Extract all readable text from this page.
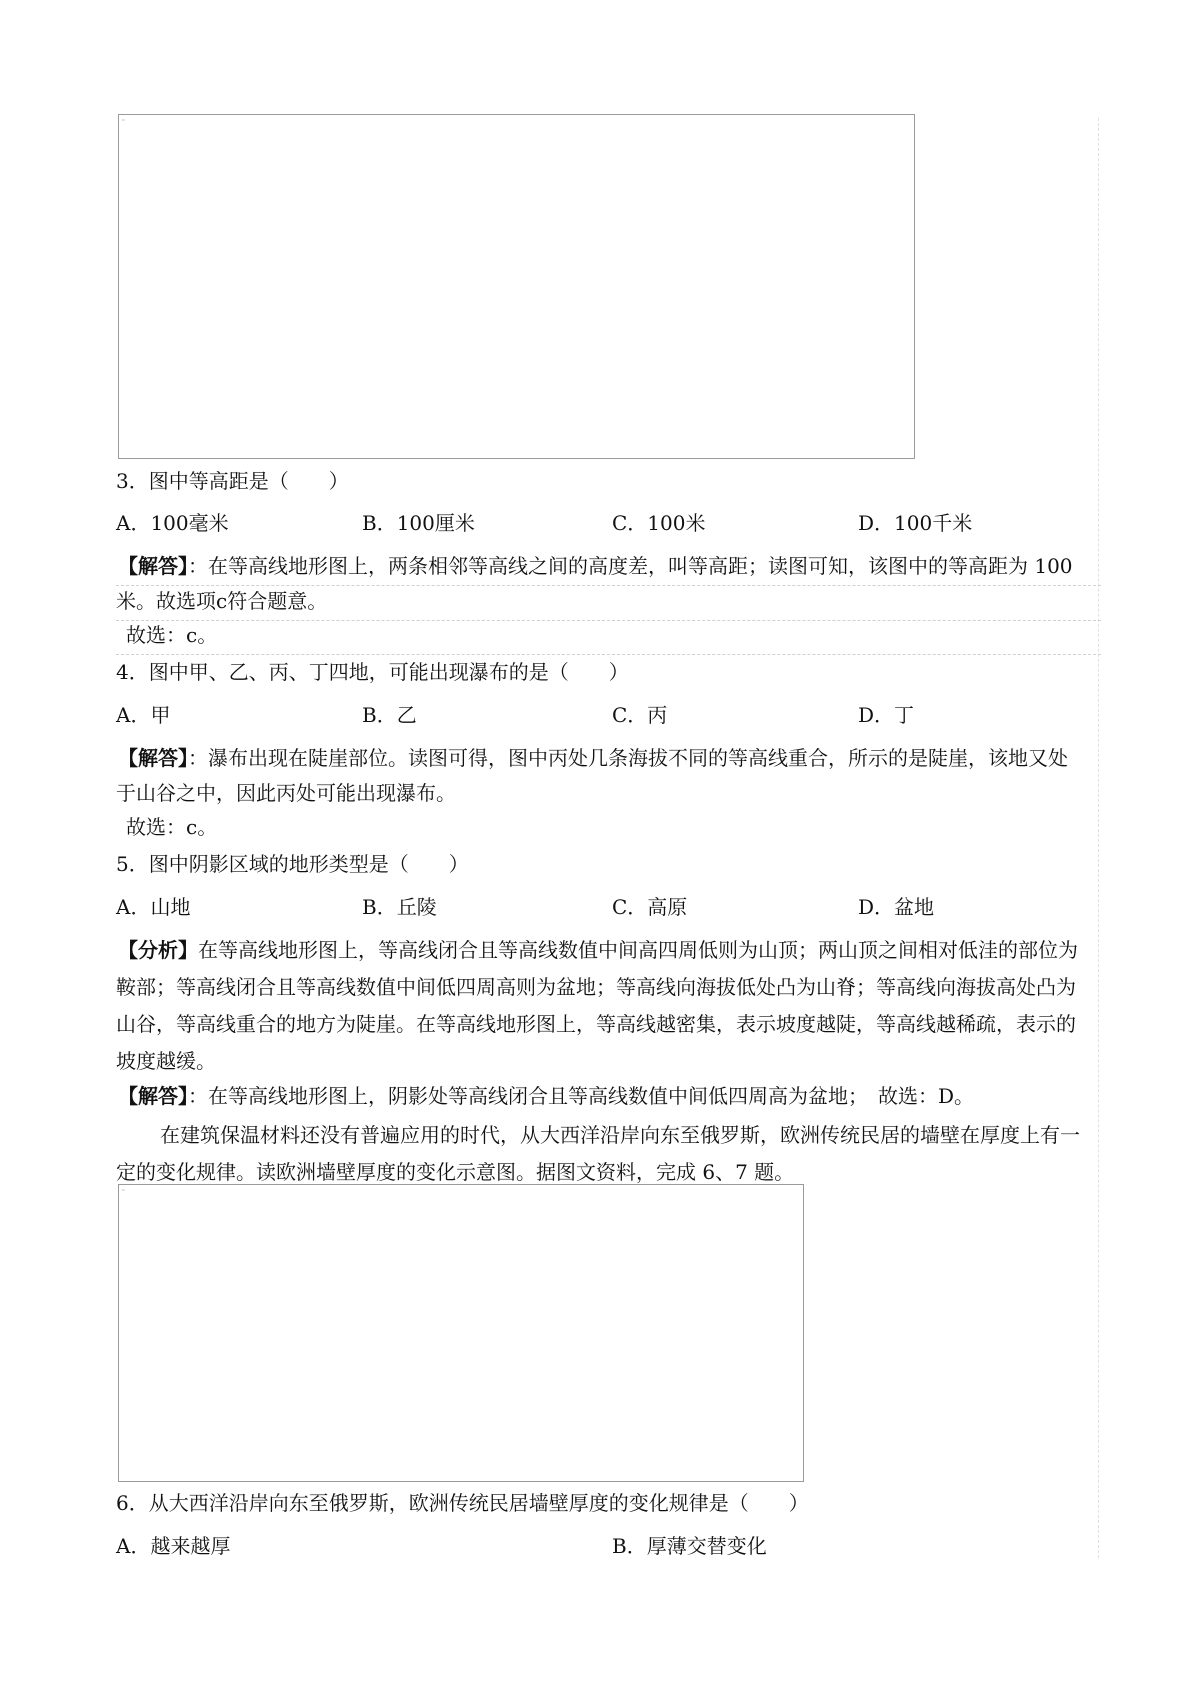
▫
3．图中等高距是（　　）
A．100毫米	B．100厘米	C．100米	D．100千米
【解答】：在等高线地形图上，两条相邻等高线之间的高度差，叫等高距；读图可知，该图中的等高距为 100
米。故选项c符合题意。
故选：c。
4．图中甲、乙、丙、丁四地，可能出现瀑布的是（　　）
A．甲	B．乙	C．丙	D．丁
【解答】：瀑布出现在陡崖部位。读图可得，图中丙处几条海拔不同的等高线重合，所示的是陡崖，该地又处
于山谷之中，因此丙处可能出现瀑布。
故选：c。
5．图中阴影区域的地形类型是（　　）
A．山地	B．丘陵	C．高原	D．盆地
【分析】在等高线地形图上，等高线闭合且等高线数值中间高四周低则为山顶；两山顶之间相对低洼的部位为
鞍部；等高线闭合且等高线数值中间低四周高则为盆地；等高线向海拔低处凸为山脊；等高线向海拔高处凸为
山谷，等高线重合的地方为陡崖。在等高线地形图上，等高线越密集，表示坡度越陡，等高线越稀疏，表示的
坡度越缓。
【解答】：在等高线地形图上，阴影处等高线闭合且等高线数值中间低四周高为盆地；　故选：D。
在建筑保温材料还没有普遍应用的时代，从大西洋沿岸向东至俄罗斯，欧洲传统民居的墙壁在厚度上有一
定的变化规律。读欧洲墙壁厚度的变化示意图。据图文资料，完成 6、7 题。
▫
6．从大西洋沿岸向东至俄罗斯，欧洲传统民居墙壁厚度的变化规律是（　　）
A．越来越厚	B．厚薄交替变化
